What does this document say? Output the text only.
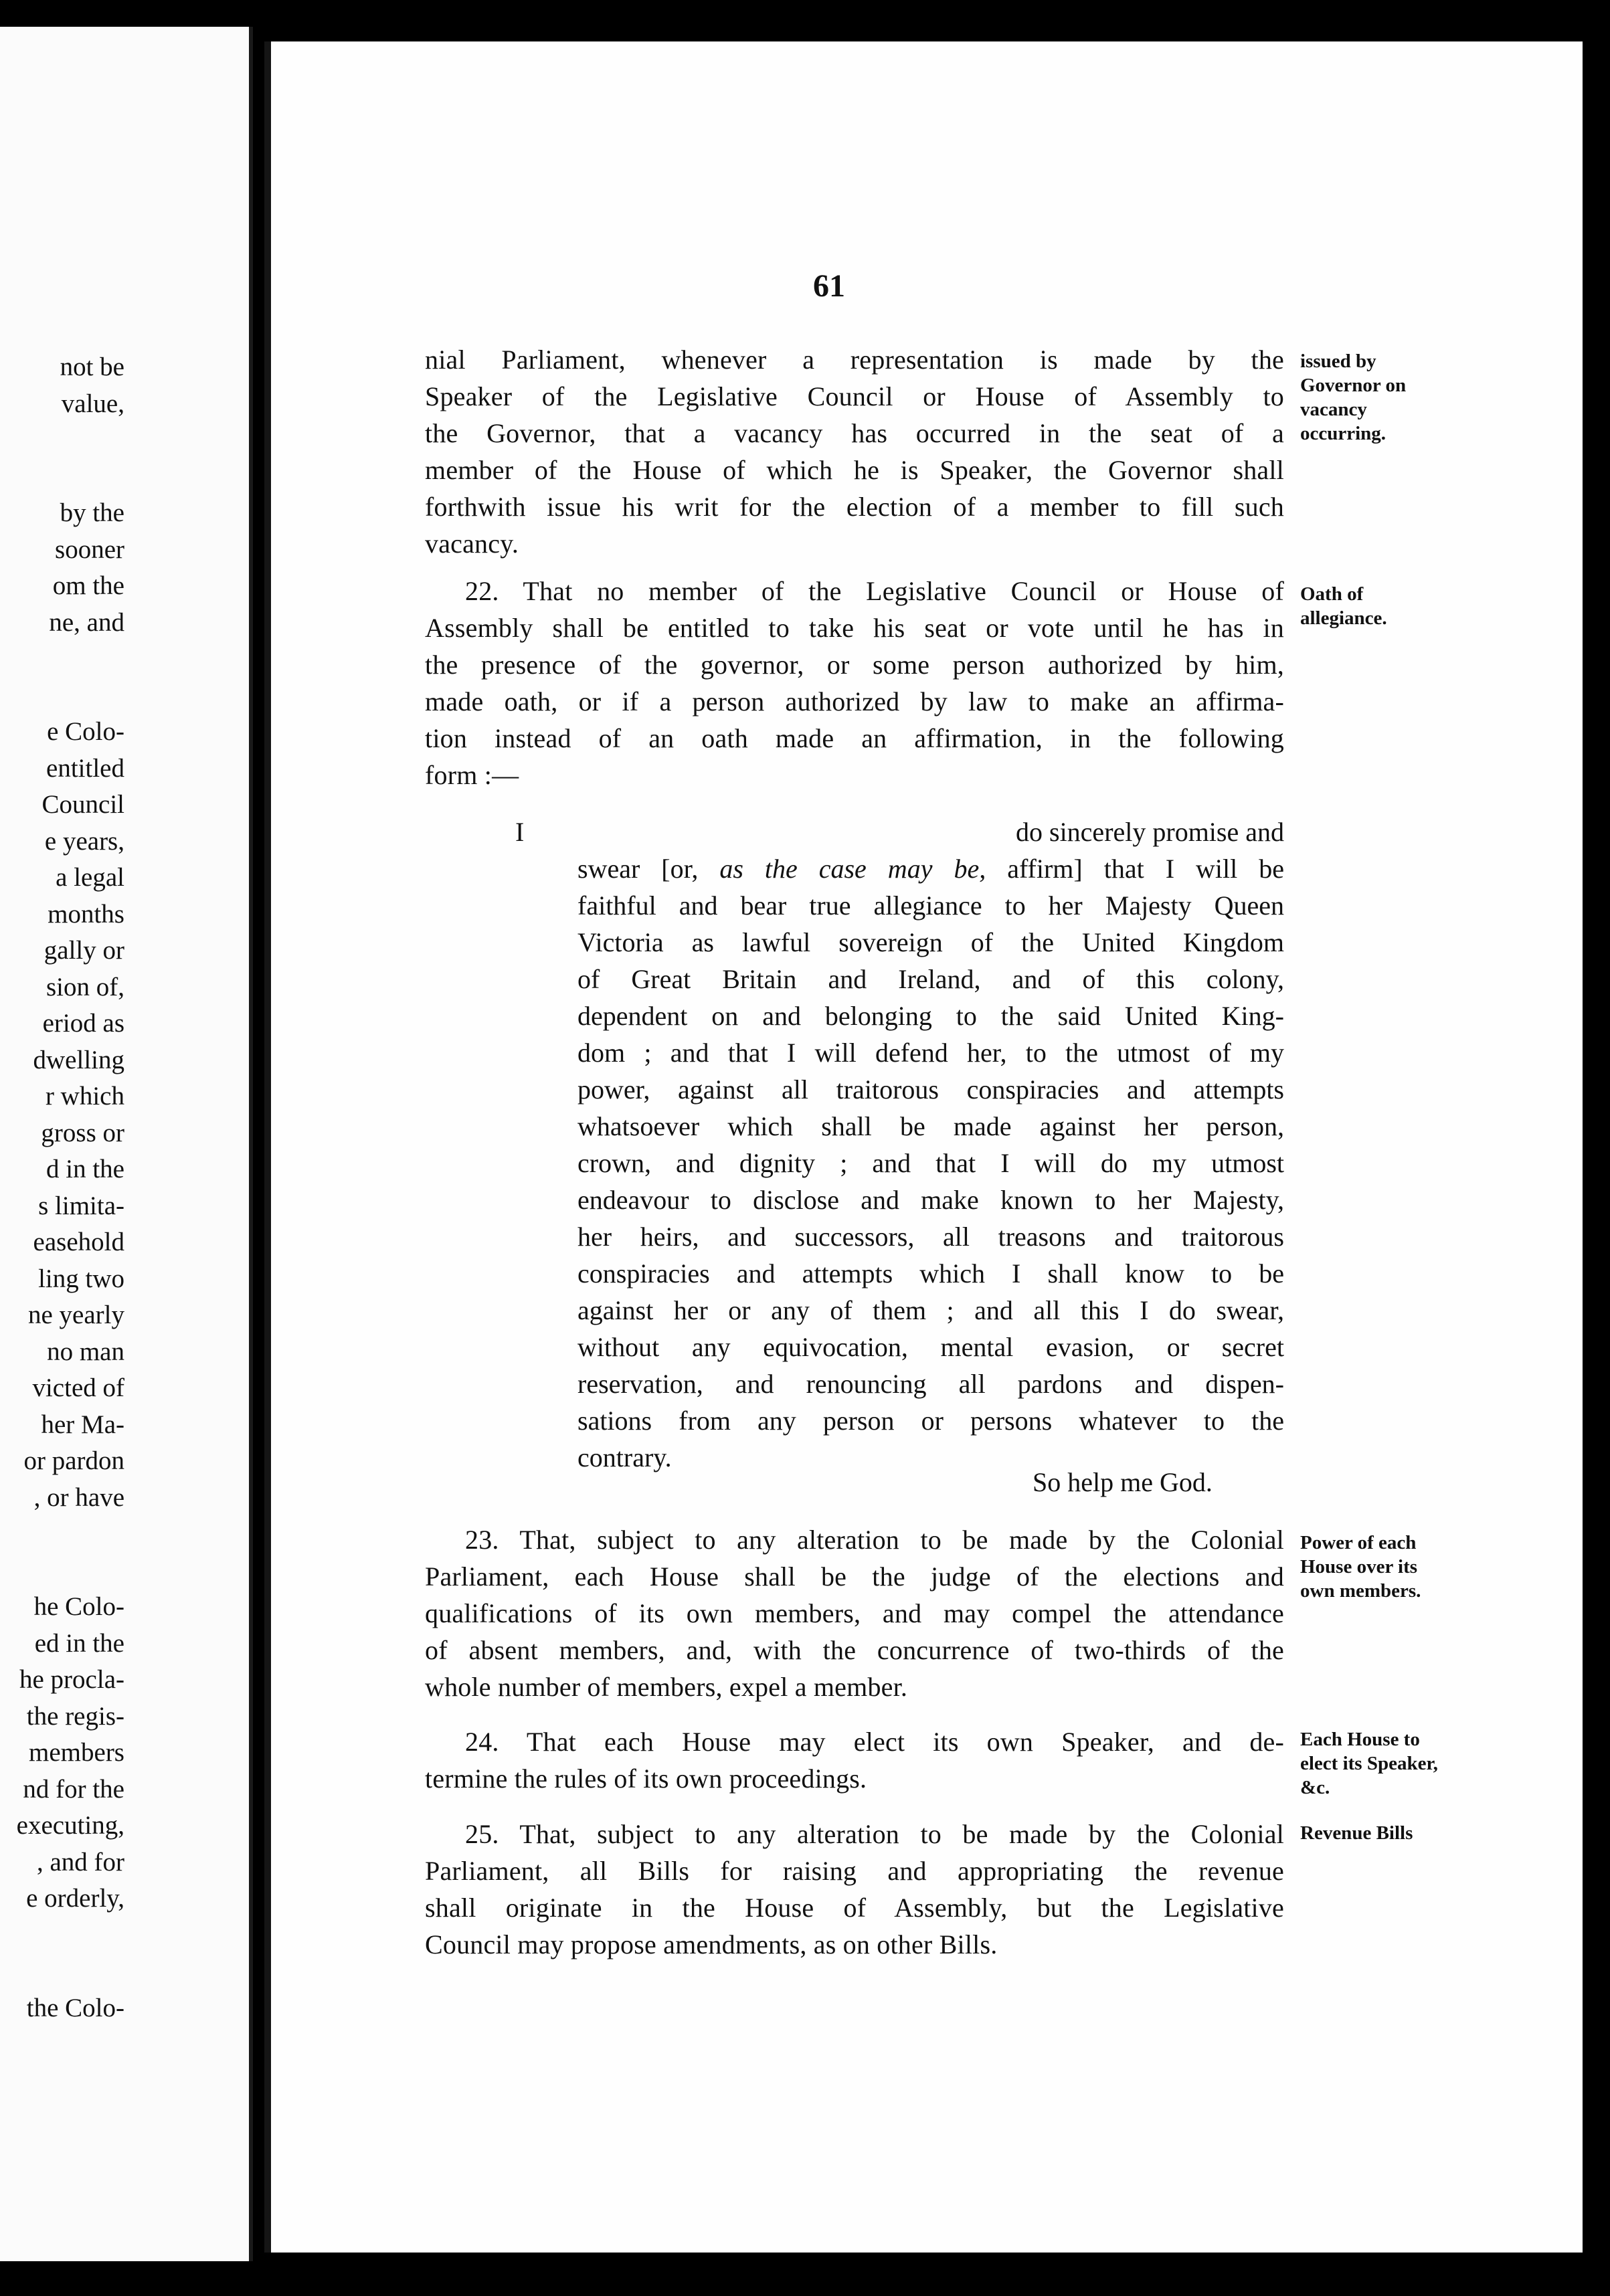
not be
value,
by the
sooner
om the
ne, and
e Colo-
entitled
Council
e years,
a legal
months
gally or
sion of,
eriod as
dwelling
r which
gross or
d in the
s limita-
easehold
ling two
ne yearly
no man
victed of
her Ma-
or pardon
, or have
he Colo-
ed in the
he procla-
the regis-
members
nd for the
executing,
, and for
e orderly,
the Colo-
61
I	do sincerely promise and
swear [or, as the case may be, affirm] that I will be
So help me God.
nial Parliament, whenever a representation is made by the
Speaker of the Legislative Council or House of Assembly to
the Governor, that a vacancy has occurred in the seat of a
member of the House of which he is Speaker, the Governor shall
forthwith issue his writ for the election of a member to fill such
vacancy.
22. That no member of the Legislative Council or House of
Assembly shall be entitled to take his seat or vote until he has in
the presence of the governor, or some person authorized by him,
made oath, or if a person authorized by law to make an affirma-
tion instead of an oath made an affirmation, in the following
form :—
23. That, subject to any alteration to be made by the Colonial
Parliament, each House shall be the judge of the elections and
qualifications of its own members, and may compel the attendance
of absent members, and, with the concurrence of two-thirds of the
whole number of members, expel a member.
24. That each House may elect its own Speaker, and de-
termine the rules of its own proceedings.
25. That, subject to any alteration to be made by the Colonial
Parliament, all Bills for raising and appropriating the revenue
shall originate in the House of Assembly, but the Legislative
Council may propose amendments, as on other Bills.
faithful and bear true allegiance to her Majesty Queen
Victoria as lawful sovereign of the United Kingdom
of Great Britain and Ireland, and of this colony,
dependent on and belonging to the said United King-
dom ; and that I will defend her, to the utmost of my
power, against all traitorous conspiracies and attempts
whatsoever which shall be made against her person,
crown, and dignity ; and that I will do my utmost
endeavour to disclose and make known to her Majesty,
her heirs, and successors, all treasons and traitorous
conspiracies and attempts which I shall know to be
against her or any of them ; and all this I do swear,
without any equivocation, mental evasion, or secret
reservation, and renouncing all pardons and dispen-
sations from any person or persons whatever to the
contrary.
issued by Governor on vacancy occurring.
Oath of allegiance.
Power of each House over its own members.
Each House to elect its Speaker, &c.
Revenue Bills
